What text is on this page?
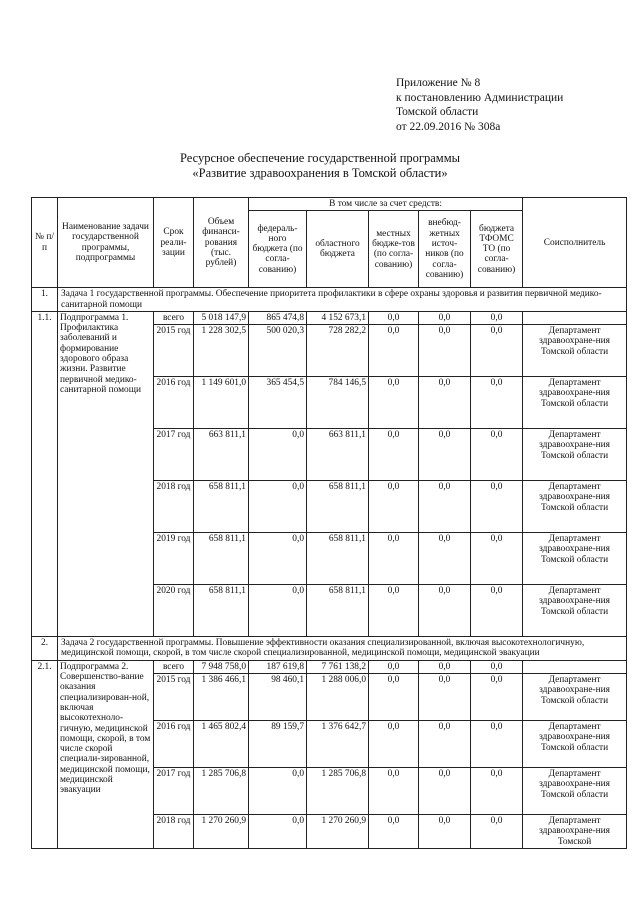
Приложение № 8
к постановлению Администрации
Томской области
от 22.09.2016 № 308а
Ресурсное обеспечение государственной программы
«Развитие здравоохранения в Томской области»
№ п/п	Наименование задачи государственной программы, подпрограммы	Срок реали-зации	Объем финанси-рования (тыс. рублей)	В том числе за счет средств:					Соисполнитель
				федераль-ного бюджета (по согла-сованию)	областного бюджета	местных бюдже-тов (по согла-сованию)	внебюд-жетных источ-ников (по согла-сованию)	бюджета ТФОМС ТО (по согла-сованию)	
1.	Задача 1 государственной программы. Обеспечение приоритета профилактики в сфере охраны здоровья и развития первичной медико-санитарной помощи								
1.1.	Подпрограмма 1. Профилактика заболеваний и формирование здорового образа жизни. Развитие первичной медико-санитарной помощи	всего	5 018 147,9	865 474,8	4 152 673,1	0,0	0,0	0,0	
		2015 год	1 228 302,5	500 020,3	728 282,2	0,0	0,0	0,0	Департамент здравоохране-ния Томской области
		2016 год	1 149 601,0	365 454,5	784 146,5	0,0	0,0	0,0	Департамент здравоохране-ния Томской области
		2017 год	663 811,1	0,0	663 811,1	0,0	0,0	0,0	Департамент здравоохране-ния Томской области
		2018 год	658 811,1	0,0	658 811,1	0,0	0,0	0,0	Департамент здравоохране-ния Томской области
		2019 год	658 811,1	0,0	658 811,1	0,0	0,0	0,0	Департамент здравоохране-ния Томской области
		2020 год	658 811,1	0,0	658 811,1	0,0	0,0	0,0	Департамент здравоохране-ния Томской области
2.	Задача 2 государственной программы. Повышение эффективности оказания специализированной, включая высокотехнологичную, медицинской помощи, скорой, в том числе скорой специализированной, медицинской помощи, медицинской эвакуации								
2.1.	Подпрограмма 2. Совершенство-вание оказания специализирован-ной, включая высокотехноло-гичную, медицинской помощи, скорой, в том числе скорой специали-зированной, медицинской помощи, медицинской эвакуации	всего	7 948 758,0	187 619,8	7 761 138,2	0,0	0,0	0,0	
		2015 год	1 386 466,1	98 460,1	1 288 006,0	0,0	0,0	0,0	Департамент здравоохране-ния Томской области
		2016 год	1 465 802,4	89 159,7	1 376 642,7	0,0	0,0	0,0	Департамент здравоохране-ния Томской области
		2017 год	1 285 706,8	0,0	1 285 706,8	0,0	0,0	0,0	Департамент здравоохране-ния Томской области
		2018 год	1 270 260,9	0,0	1 270 260,9	0,0	0,0	0,0	Департамент здравоохране-ния Томской
